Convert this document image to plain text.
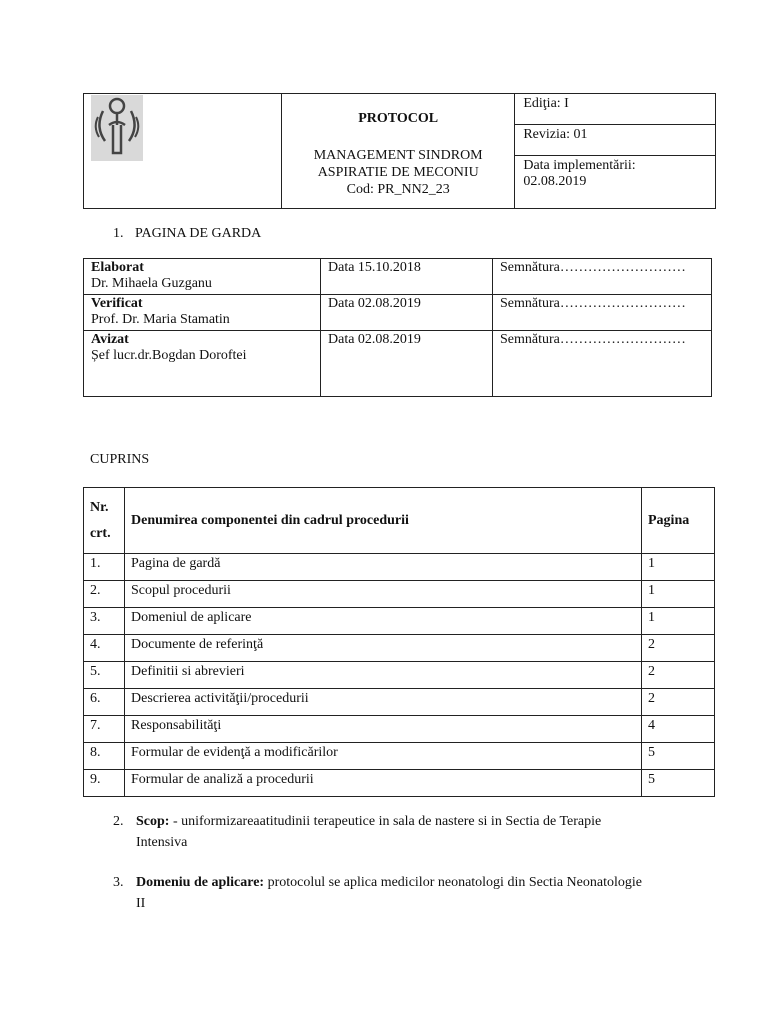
PROTOCOL
MANAGEMENT SINDROM
ASPIRATIE DE MECONIU
Cod: PR_NN2_23
	Ediţia: I
Revizia: 01

Data implementării:
02.08.2019
1. PAGINA DE GARDA
Elaborat
Dr. Mihaela Guzganu	Data 15.10.2018	Semnătura………………………

Verificat
Prof. Dr. Maria Stamatin	Data 02.08.2019	Semnătura………………………

Avizat
Șef lucr.dr.Bogdan Doroftei	Data 02.08.2019	Semnătura………………………
CUPRINS
Nr.
crt.	Denumirea componentei din cadrul procedurii	Pagina
1.	Pagina de gardă	1
2.	Scopul procedurii	1
3.	Domeniul de aplicare	1
4.	Documente de referinţă	2
5.	Definitii si abrevieri	2
6.	Descrierea activităţii/procedurii	2
7.	Responsabilităţi	4
8.	Formular de evidenţă a modificărilor	5
9.	Formular de analiză a procedurii	5
2. Scop: - uniformizareaatitudinii terapeutice in sala de nastere si in Sectia de Terapie Intensiva
3. Domeniu de aplicare: protocolul se aplica medicilor neonatologi din Sectia Neonatologie II
